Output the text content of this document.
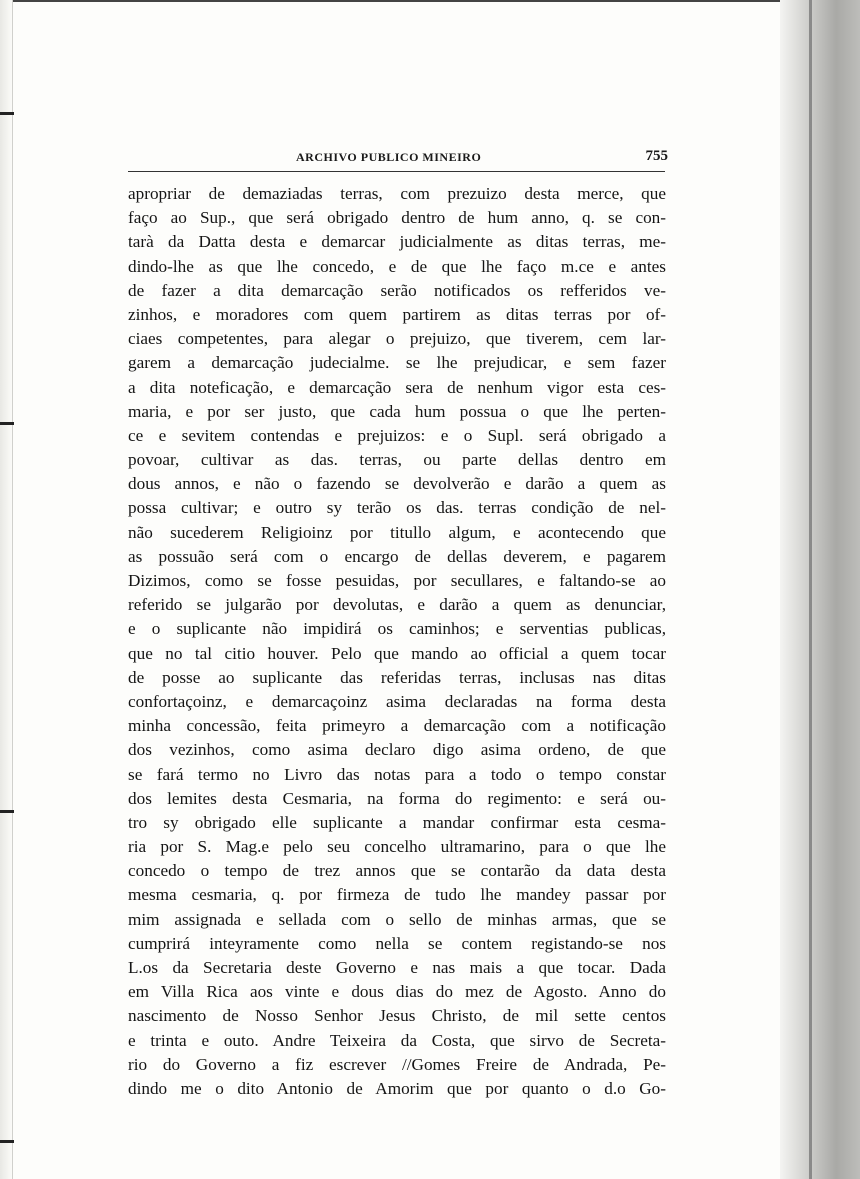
ARCHIVO PUBLICO MINEIRO	755
apropriar de demaziadas terras, com prezuizo desta merce, que
faço ao Sup., que será obrigado dentro de hum anno, q. se con-
tarà da Datta desta e demarcar judicialmente as ditas terras, me-
dindo-lhe as que lhe concedo, e de que lhe faço m.ce e antes
de fazer a dita demarcação serão notificados os refferidos ve-
zinhos, e moradores com quem partirem as ditas terras por of-
ciaes competentes, para alegar o prejuizo, que tiverem, cem lar-
garem a demarcação judecialme. se lhe prejudicar, e sem fazer
a dita noteficação, e demarcação sera de nenhum vigor esta ces-
maria, e por ser justo, que cada hum possua o que lhe perten-
ce e sevitem contendas e prejuizos: e o Supl. será obrigado a
povoar, cultivar as das. terras, ou parte dellas dentro em
dous annos, e não o fazendo se devolverão e darão a quem as
possa cultivar; e outro sy terão os das. terras condição de nel-
não sucederem Religioinz por titullo algum, e acontecendo que
as possuão será com o encargo de dellas deverem, e pagarem
Dizimos, como se fosse pesuidas, por secullares, e faltando-se ao
referido se julgarão por devolutas, e darão a quem as denunciar,
e o suplicante não impidirá os caminhos; e serventias publicas,
que no tal citio houver. Pelo que mando ao official a quem tocar
de posse ao suplicante das referidas terras, inclusas nas ditas
confortaçoinz, e demarcaçoinz asima declaradas na forma desta
minha concessão, feita primeyro a demarcação com a notificação
dos vezinhos, como asima declaro digo asima ordeno, de que
se fará termo no Livro das notas para a todo o tempo constar
dos lemites desta Cesmaria, na forma do regimento: e será ou-
tro sy obrigado elle suplicante a mandar confirmar esta cesma-
ria por S. Mag.e pelo seu concelho ultramarino, para o que lhe
concedo o tempo de trez annos que se contarão da data desta
mesma cesmaria, q. por firmeza de tudo lhe mandey passar por
mim assignada e sellada com o sello de minhas armas, que se
cumprirá inteyramente como nella se contem registando-se nos
L.os da Secretaria deste Governo e nas mais a que tocar. Dada
em Villa Rica aos vinte e dous dias do mez de Agosto. Anno do
nascimento de Nosso Senhor Jesus Christo, de mil sette centos
e trinta e outo. Andre Teixeira da Costa, que sirvo de Secreta-
rio do Governo a fiz escrever //Gomes Freire de Andrada, Pe-
dindo me o dito Antonio de Amorim que por quanto o d.o Go-
